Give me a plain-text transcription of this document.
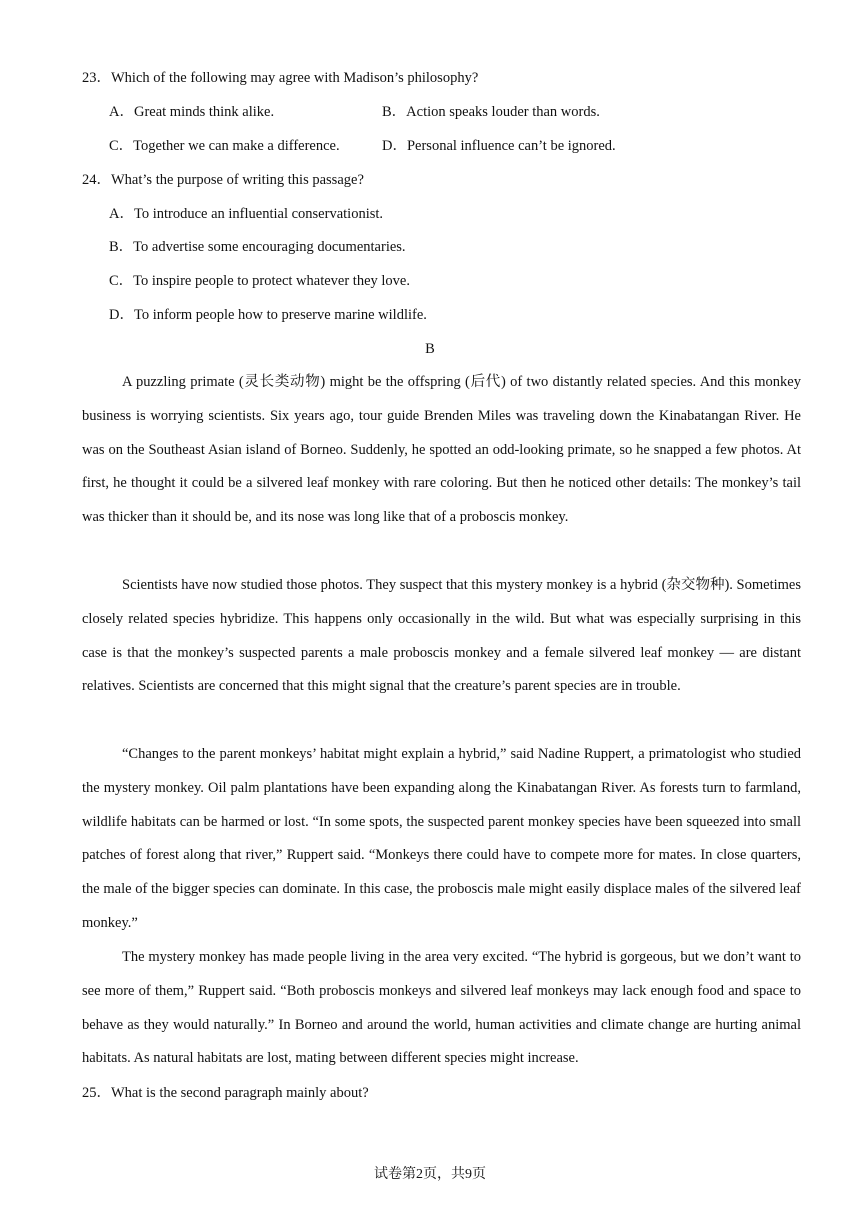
23．Which of the following may agree with Madison’s philosophy?
A．Great minds think alike.	B．Action speaks louder than words.
C．Together we can make a difference.	D．Personal influence can’t be ignored.
24．What’s the purpose of writing this passage?
A．To introduce an influential conservationist.
B．To advertise some encouraging documentaries.
C．To inspire people to protect whatever they love.
D．To inform people how to preserve marine wildlife.
B

A puzzling primate (灵长类动物) might be the offspring (后代) of two distantly related species. And this monkey business is worrying scientists. Six years ago, tour guide Brenden Miles was traveling down the Kinabatangan River. He was on the Southeast Asian island of Borneo. Suddenly, he spotted an odd-looking primate, so he snapped a few photos. At first, he thought it could be a silvered leaf monkey with rare coloring. But then he noticed other details: The monkey’s tail was thicker than it should be, and its nose was long like that of a proboscis monkey.

Scientists have now studied those photos. They suspect that this mystery monkey is a hybrid (杂交物种). Sometimes closely related species hybridize. This happens only occasionally in the wild. But what was especially surprising in this case is that the monkey’s suspected parents a male proboscis monkey and a female silvered leaf monkey — are distant relatives. Scientists are concerned that this might signal that the creature’s parent species are in trouble.

“Changes to the parent monkeys’ habitat might explain a hybrid,” said Nadine Ruppert, a primatologist who studied the mystery monkey. Oil palm plantations have been expanding along the Kinabatangan River. As forests turn to farmland, wildlife habitats can be harmed or lost. “In some spots, the suspected parent monkey species have been squeezed into small patches of forest along that river,” Ruppert said. “Monkeys there could have to compete more for mates. In close quarters, the male of the bigger species can dominate. In this case, the proboscis male might easily displace males of the silvered leaf monkey.”

The mystery monkey has made people living in the area very excited. “The hybrid is gorgeous, but we don’t want to see more of them,” Ruppert said. “Both proboscis monkeys and silvered leaf monkeys may lack enough food and space to behave as they would naturally.” In Borneo and around the world, human activities and climate change are hurting animal habitats. As natural habitats are lost, mating between different species might increase.

25．What is the second paragraph mainly about?
试卷第2页，共9页
